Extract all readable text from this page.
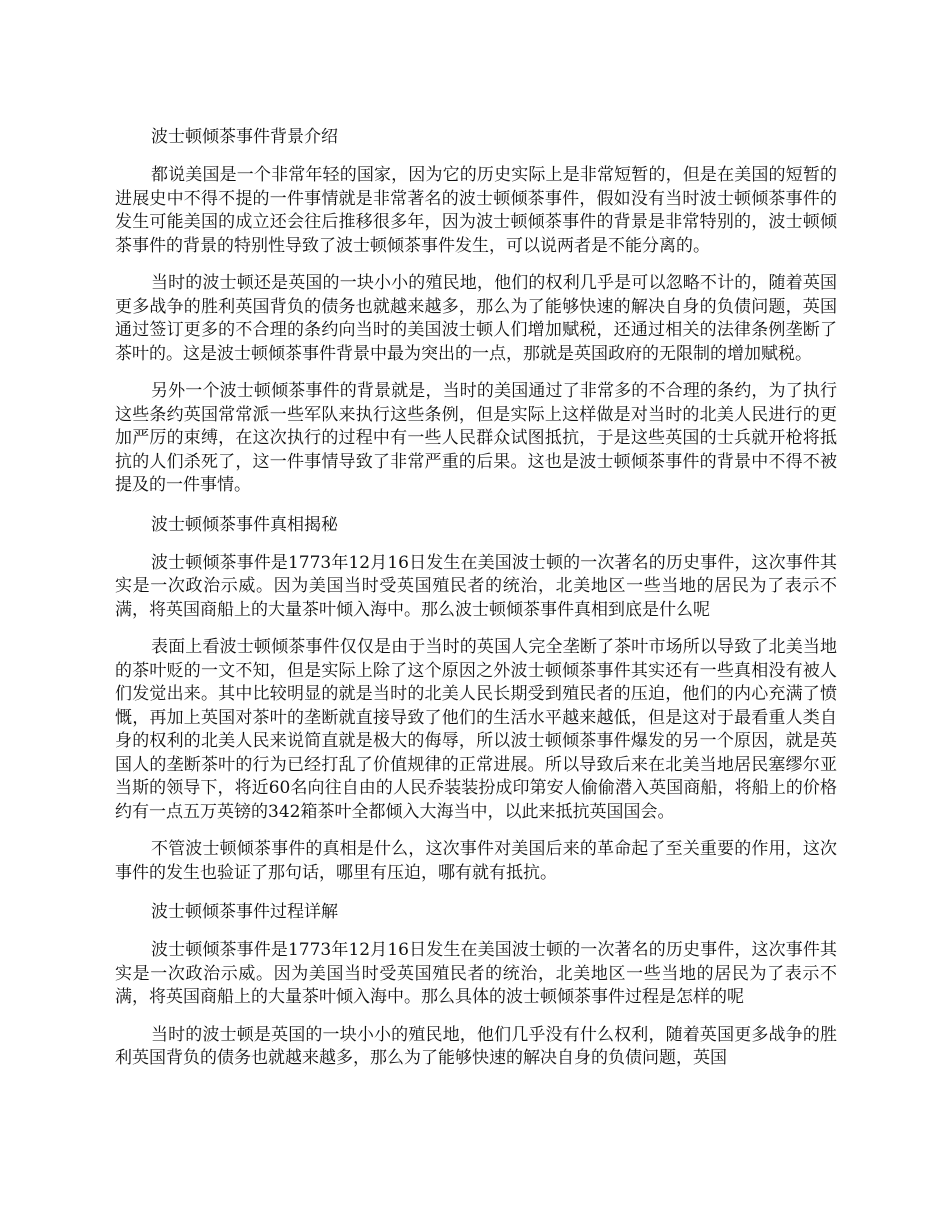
波士顿倾茶事件背景介绍

都说美国是一个非常年轻的国家，因为它的历史实际上是非常短暂的，但是在美国的短暂的进展史中不得不提的一件事情就是非常著名的波士顿倾茶事件，假如没有当时波士顿倾茶事件的发生可能美国的成立还会往后推移很多年，因为波士顿倾茶事件的背景是非常特别的，波士顿倾茶事件的背景的特别性导致了波士顿倾茶事件发生，可以说两者是不能分离的。

当时的波士顿还是英国的一块小小的殖民地，他们的权利几乎是可以忽略不计的，随着英国更多战争的胜利英国背负的债务也就越来越多，那么为了能够快速的解决自身的负债问题，英国通过签订更多的不合理的条约向当时的美国波士顿人们增加赋税，还通过相关的法律条例垄断了茶叶的。这是波士顿倾茶事件背景中最为突出的一点，那就是英国政府的无限制的增加赋税。

另外一个波士顿倾茶事件的背景就是，当时的美国通过了非常多的不合理的条约，为了执行这些条约英国常常派一些军队来执行这些条例，但是实际上这样做是对当时的北美人民进行的更加严厉的束缚，在这次执行的过程中有一些人民群众试图抵抗，于是这些英国的士兵就开枪将抵抗的人们杀死了，这一件事情导致了非常严重的后果。这也是波士顿倾茶事件的背景中不得不被提及的一件事情。

波士顿倾茶事件真相揭秘

波士顿倾茶事件是1773年12月16日发生在美国波士顿的一次著名的历史事件，这次事件其实是一次政治示威。因为美国当时受英国殖民者的统治，北美地区一些当地的居民为了表示不满，将英国商船上的大量茶叶倾入海中。那么波士顿倾茶事件真相到底是什么呢

表面上看波士顿倾茶事件仅仅是由于当时的英国人完全垄断了茶叶市场所以导致了北美当地的茶叶贬的一文不知，但是实际上除了这个原因之外波士顿倾茶事件其实还有一些真相没有被人们发觉出来。其中比较明显的就是当时的北美人民长期受到殖民者的压迫，他们的内心充满了愤慨，再加上英国对茶叶的垄断就直接导致了他们的生活水平越来越低，但是这对于最看重人类自身的权利的北美人民来说简直就是极大的侮辱，所以波士顿倾茶事件爆发的另一个原因，就是英国人的垄断茶叶的行为已经打乱了价值规律的正常进展。所以导致后来在北美当地居民塞缪尔亚当斯的领导下，将近60名向往自由的人民乔装装扮成印第安人偷偷潜入英国商船，将船上的价格约有一点五万英镑的342箱茶叶全都倾入大海当中，以此来抵抗英国国会。

不管波士顿倾茶事件的真相是什么，这次事件对美国后来的革命起了至关重要的作用，这次事件的发生也验证了那句话，哪里有压迫，哪有就有抵抗。

波士顿倾茶事件过程详解

波士顿倾茶事件是1773年12月16日发生在美国波士顿的一次著名的历史事件，这次事件其实是一次政治示威。因为美国当时受英国殖民者的统治，北美地区一些当地的居民为了表示不满，将英国商船上的大量茶叶倾入海中。那么具体的波士顿倾茶事件过程是怎样的呢

当时的波士顿是英国的一块小小的殖民地，他们几乎没有什么权利，随着英国更多战争的胜利英国背负的债务也就越来越多，那么为了能够快速的解决自身的负债问题，英国
